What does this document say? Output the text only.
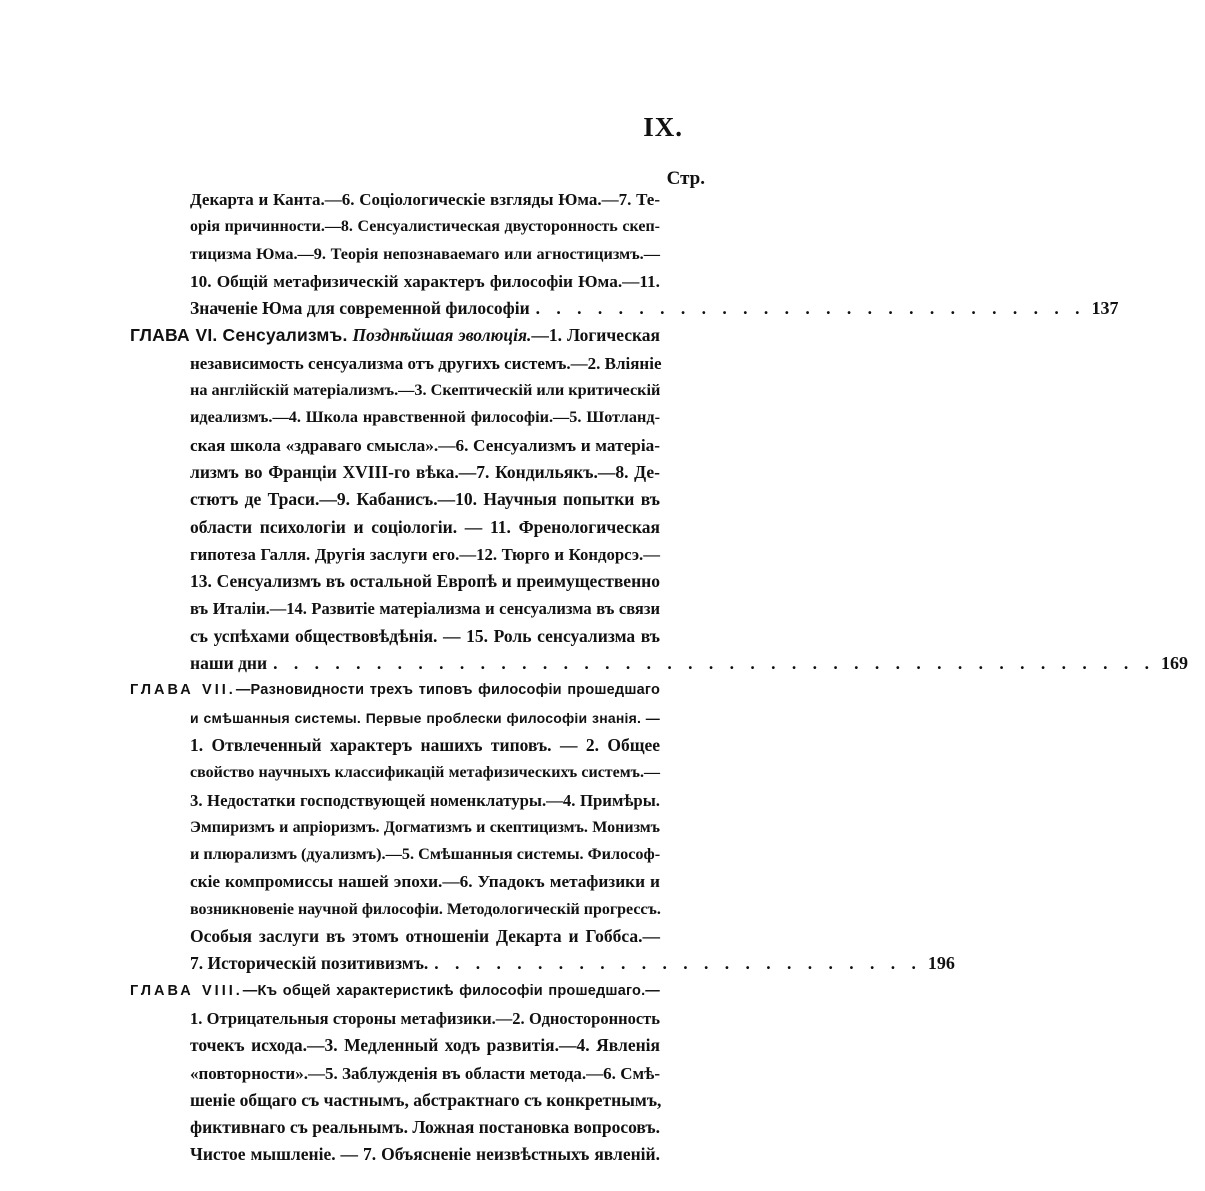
IX.
Стр.
Декарта и Канта.—6. Соціологическіе взгляды Юма.—7. Те-
орія причинности.—8. Сенсуалистическая двусторонность скеп-
тицизма Юма.—9. Теорія непознаваемаго или агностицизмъ.—
10. Общій метафизическій характеръ философіи Юма.—11.
Значеніе Юма для современной философіи . . . . . . . . . . . . . . . . . . . . . . . . . . . 137
ГЛАВА VI. Сенсуализмъ. Позднѣйшая эволюція.—1. Логическая
независимость сенсуализма отъ другихъ системъ.—2. Вліяніе
на англійскій матеріализмъ.—3. Скептическій или критическій
идеализмъ.—4. Школа нравственной философіи.—5. Шотланд-
ская школа «здраваго смысла».—6. Сенсуализмъ и матеріа-
лизмъ во Франціи XVIII-го вѣка.—7. Кондильякъ.—8. Де-
стютъ де Траси.—9. Кабанисъ.—10. Научныя попытки въ
области психологіи и соціологіи. — 11. Френологическая
гипотеза Галля. Другія заслуги его.—12. Тюрго и Кондорсэ.—
13. Сенсуализмъ въ остальной Европѣ и преимущественно
въ Италіи.—14. Развитіе матеріализма и сенсуализма въ связи
съ успѣхами обществовѣдѣнія. — 15. Роль сенсуализма въ
наши дни . . . . . . . . . . . . . . . . . . . . . . . . . . . . . . . . . . . . . . . . . . . 169
ГЛАВА VII.—Разновидности трехъ типовъ философіи прошедшаго
и смѣшанныя системы. Первые проблески философіи знанія. —
1. Отвлеченный характеръ нашихъ типовъ. — 2. Общее
свойство научныхъ классификацій метафизическихъ системъ.—
3. Недостатки господствующей номенклатуры.—4. Примѣры.
Эмпиризмъ и апріоризмъ. Догматизмъ и скептицизмъ. Монизмъ
и плюрализмъ (дуализмъ).—5. Смѣшанныя системы. Философ-
скіе компромиссы нашей эпохи.—6. Упадокъ метафизики и
возникновеніе научной философіи. Методологическій прогрессъ.
Особыя заслуги въ этомъ отношеніи Декарта и Гоббса.—
7. Историческій позитивизмъ. . . . . . . . . . . . . . . . . . . . . . . . . 196
ГЛАВА VIII.—Къ общей характеристикѣ философіи прошедшаго.—
1. Отрицательныя стороны метафизики.—2. Односторонность
точекъ исхода.—3. Медленный ходъ развитія.—4. Явленія
«повторности».—5. Заблужденія въ области метода.—6. Смѣ-
шеніе общаго съ частнымъ, абстрактнаго съ конкретнымъ,
фиктивнаго съ реальнымъ. Ложная постановка вопросовъ.
Чистое мышленіе. — 7. Объясненіе неизвѣстныхъ явленій.
